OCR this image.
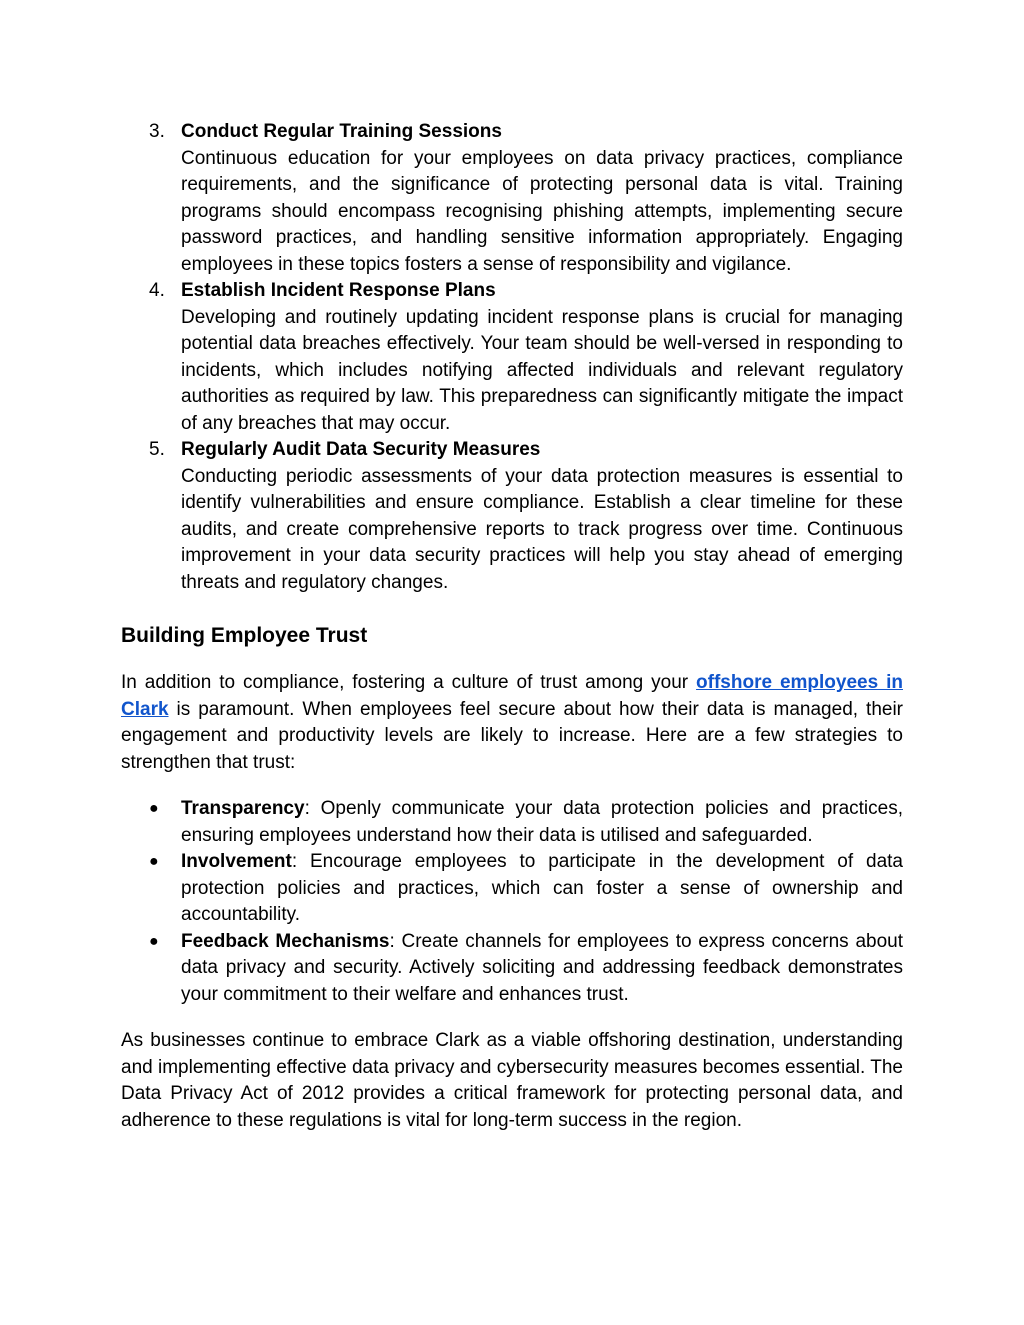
3. Conduct Regular Training Sessions
Continuous education for your employees on data privacy practices, compliance requirements, and the significance of protecting personal data is vital. Training programs should encompass recognising phishing attempts, implementing secure password practices, and handling sensitive information appropriately. Engaging employees in these topics fosters a sense of responsibility and vigilance.
4. Establish Incident Response Plans
Developing and routinely updating incident response plans is crucial for managing potential data breaches effectively. Your team should be well-versed in responding to incidents, which includes notifying affected individuals and relevant regulatory authorities as required by law. This preparedness can significantly mitigate the impact of any breaches that may occur.
5. Regularly Audit Data Security Measures
Conducting periodic assessments of your data protection measures is essential to identify vulnerabilities and ensure compliance. Establish a clear timeline for these audits, and create comprehensive reports to track progress over time. Continuous improvement in your data security practices will help you stay ahead of emerging threats and regulatory changes.
Building Employee Trust

In addition to compliance, fostering a culture of trust among your offshore employees in Clark is paramount. When employees feel secure about how their data is managed, their engagement and productivity levels are likely to increase. Here are a few strategies to strengthen that trust:

● Transparency: Openly communicate your data protection policies and practices, ensuring employees understand how their data is utilised and safeguarded.
● Involvement: Encourage employees to participate in the development of data protection policies and practices, which can foster a sense of ownership and accountability.
● Feedback Mechanisms: Create channels for employees to express concerns about data privacy and security. Actively soliciting and addressing feedback demonstrates your commitment to their welfare and enhances trust.

As businesses continue to embrace Clark as a viable offshoring destination, understanding and implementing effective data privacy and cybersecurity measures becomes essential. The Data Privacy Act of 2012 provides a critical framework for protecting personal data, and adherence to these regulations is vital for long-term success in the region.
